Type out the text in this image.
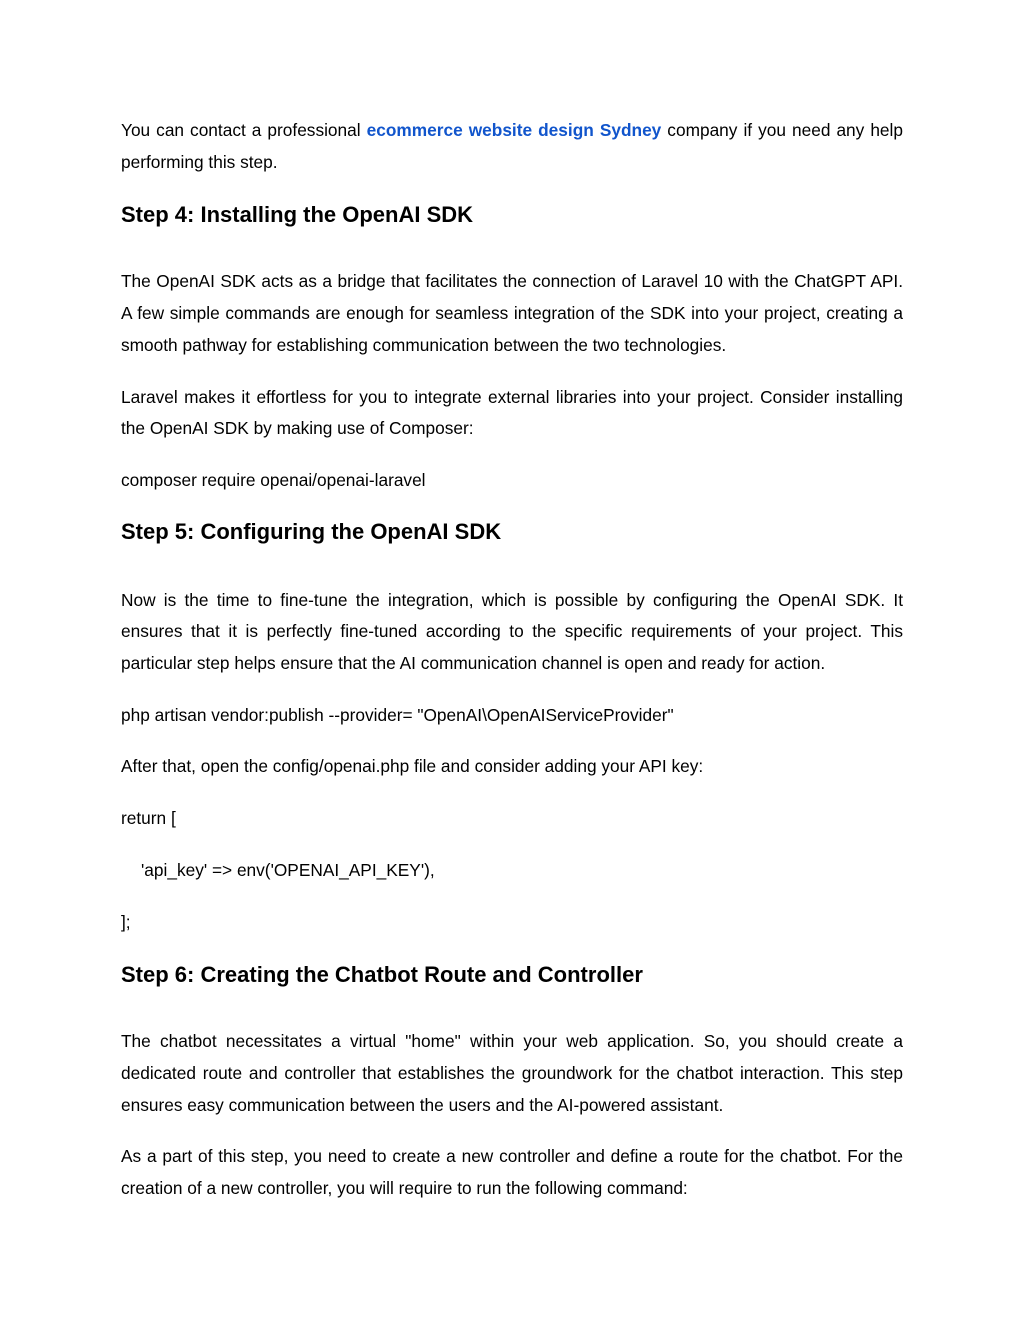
You can contact a professional ecommerce website design Sydney company if you need any help performing this step.

Step 4: Installing the OpenAI SDK

The OpenAI SDK acts as a bridge that facilitates the connection of Laravel 10 with the ChatGPT API. A few simple commands are enough for seamless integration of the SDK into your project, creating a smooth pathway for establishing communication between the two technologies.

Laravel makes it effortless for you to integrate external libraries into your project. Consider installing the OpenAI SDK by making use of Composer:

composer require openai/openai-laravel

Step 5: Configuring the OpenAI SDK

Now is the time to fine-tune the integration, which is possible by configuring the OpenAI SDK. It ensures that it is perfectly fine-tuned according to the specific requirements of your project. This particular step helps ensure that the AI communication channel is open and ready for action.

php artisan vendor:publish --provider= "OpenAI\OpenAIServiceProvider"

After that, open the config/openai.php file and consider adding your API key:

return [

'api_key' => env('OPENAI_API_KEY'),

];

Step 6: Creating the Chatbot Route and Controller

The chatbot necessitates a virtual "home" within your web application. So, you should create a dedicated route and controller that establishes the groundwork for the chatbot interaction. This step ensures easy communication between the users and the AI-powered assistant.

As a part of this step, you need to create a new controller and define a route for the chatbot. For the creation of a new controller, you will require to run the following command:
